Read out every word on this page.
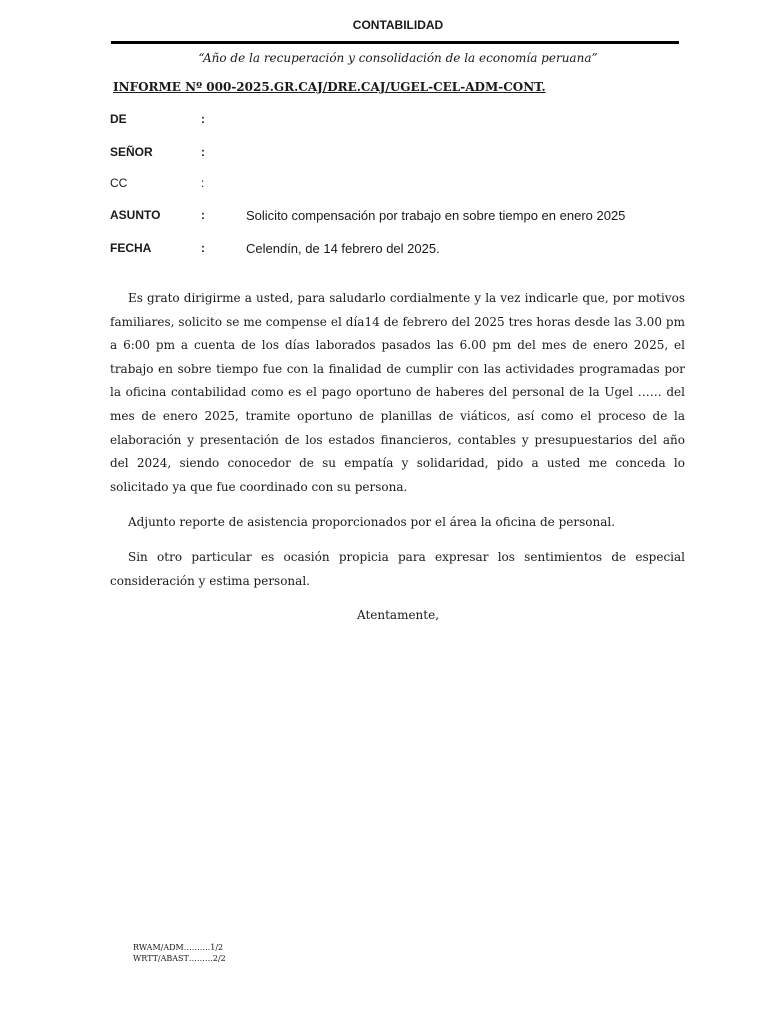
CONTABILIDAD
“Año de la recuperación y consolidación de la economía peruana”
INFORME Nº 000-2025.GR.CAJ/DRE.CAJ/UGEL-CEL-ADM-CONT.
DE	:
SEÑOR	:
CC	:
ASUNTO	:	Solicito compensación por trabajo en sobre tiempo en enero 2025
FECHA	:	Celendín, de 14 febrero del 2025.

Es grato dirigirme a usted, para saludarlo cordialmente y la vez indicarle que, por motivos familiares, solicito se me compense el día14 de febrero del 2025 tres horas desde las 3.00 pm a 6:00 pm a cuenta de los días laborados pasados las 6.00 pm del mes de enero 2025, el trabajo en sobre tiempo fue con la finalidad de cumplir con las actividades programadas por la oficina contabilidad como es el pago oportuno de haberes del personal de la Ugel …… del mes de enero 2025, tramite oportuno de planillas de viáticos, así como el proceso de la elaboración y presentación de los estados financieros, contables y presupuestarios del año del 2024, siendo conocedor de su empatía y solidaridad, pido a usted me conceda lo solicitado ya que fue coordinado con su persona.

Adjunto reporte de asistencia proporcionados por el área la oficina de personal.

Sin otro particular es ocasión propicia para expresar los sentimientos de especial consideración y estima personal.

Atentamente,
RWAM/ADM……….1/2
WRTT/ABAST………2/2
